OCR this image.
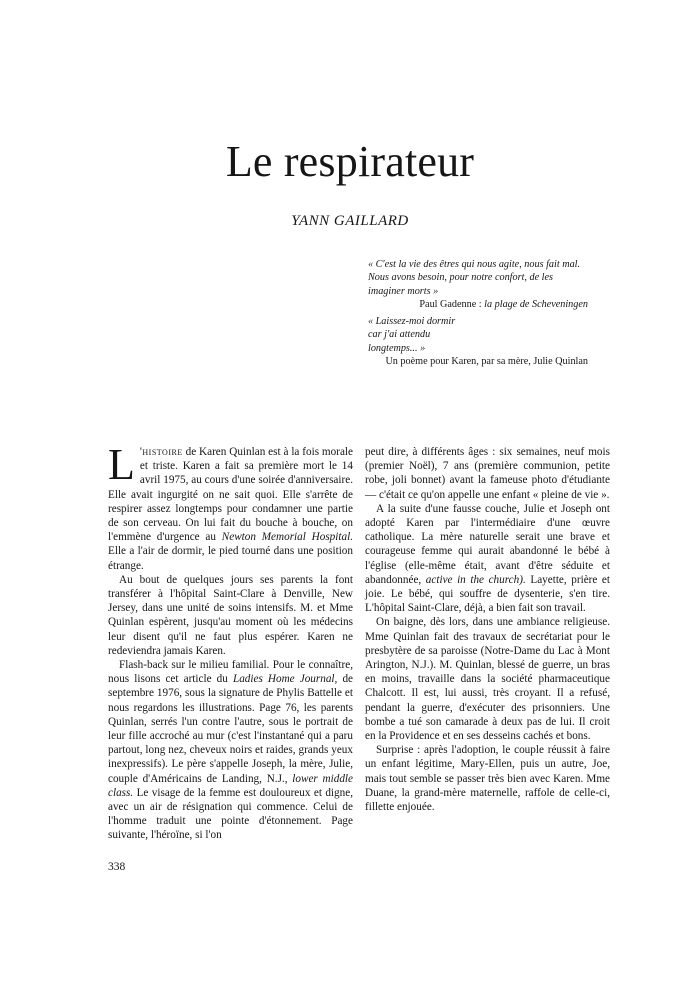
Le respirateur
YANN GAILLARD
« C'est la vie des êtres qui nous agite, nous fait mal. Nous avons besoin, pour notre confort, de les imaginer morts »
Paul Gadenne : la plage de Scheveningen
« Laissez-moi dormir
car j'ai attendu
longtemps... »
Un poème pour Karen, par sa mère, Julie Quinlan

L 'histoire de Karen Quinlan est à la fois morale et triste. Karen a fait sa première mort le 14 avril 1975, au cours d'une soirée d'anniversaire. Elle avait ingurgité on ne sait quoi. Elle s'arrête de respirer assez longtemps pour condamner une partie de son cerveau. On lui fait du bouche à bouche, on l'emmène d'urgence au Newton Memorial Hospital. Elle a l'air de dormir, le pied tourné dans une position étrange.

Au bout de quelques jours ses parents la font transférer à l'hôpital Saint-Clare à Denville, New Jersey, dans une unité de soins intensifs. M. et Mme Quinlan espèrent, jusqu'au moment où les médecins leur disent qu'il ne faut plus espérer. Karen ne redeviendra jamais Karen.

Flash-back sur le milieu familial. Pour le connaître, nous lisons cet article du Ladies Home Journal, de septembre 1976, sous la signature de Phylis Battelle et nous regardons les illustrations. Page 76, les parents Quinlan, serrés l'un contre l'autre, sous le portrait de leur fille accroché au mur (c'est l'instantané qui a paru partout, long nez, cheveux noirs et raides, grands yeux inexpressifs). Le père s'appelle Joseph, la mère, Julie, couple d'Américains de Landing, N.J., lower middle class. Le visage de la femme est douloureux et digne, avec un air de résignation qui commence. Celui de l'homme traduit une pointe d'étonnement. Page suivante, l'héroïne, si l'on

peut dire, à différents âges : six semaines, neuf mois (premier Noël), 7 ans (première communion, petite robe, joli bonnet) avant la fameuse photo d'étudiante — c'était ce qu'on appelle une enfant « pleine de vie ».

A la suite d'une fausse couche, Julie et Joseph ont adopté Karen par l'intermédiaire d'une œuvre catholique. La mère naturelle serait une brave et courageuse femme qui aurait abandonné le bébé à l'église (elle-même était, avant d'être séduite et abandonnée, active in the church). Layette, prière et joie. Le bébé, qui souffre de dysenterie, s'en tire. L'hôpital Saint-Clare, déjà, a bien fait son travail.

On baigne, dès lors, dans une ambiance religieuse. Mme Quinlan fait des travaux de secrétariat pour le presbytère de sa paroisse (Notre-Dame du Lac à Mont Arington, N.J.). M. Quinlan, blessé de guerre, un bras en moins, travaille dans la société pharmaceutique Chalcott. Il est, lui aussi, très croyant. Il a refusé, pendant la guerre, d'exécuter des prisonniers. Une bombe a tué son camarade à deux pas de lui. Il croit en la Providence et en ses desseins cachés et bons.

Surprise : après l'adoption, le couple réussit à faire un enfant légitime, Mary-Ellen, puis un autre, Joe, mais tout semble se passer très bien avec Karen. Mme Duane, la grand-mère maternelle, raffole de celle-ci, fillette enjouée.

338
